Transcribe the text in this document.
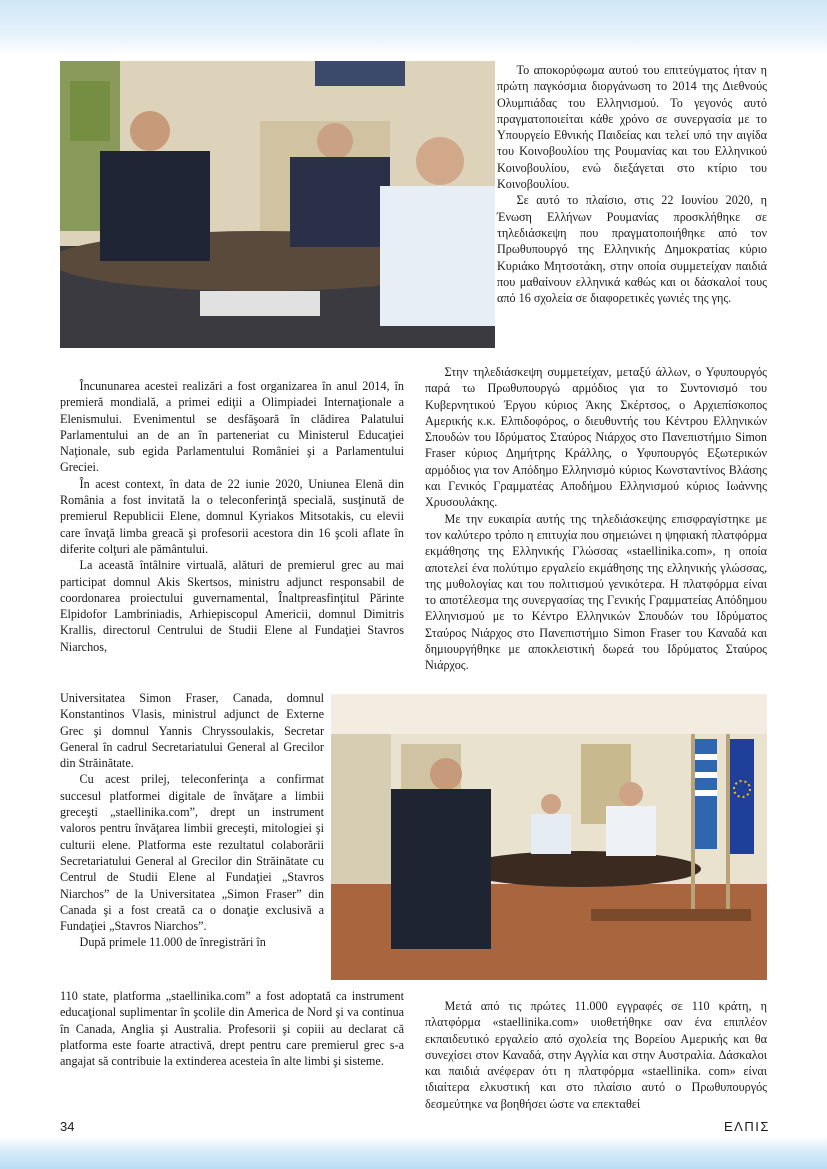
Το αποκορύφωμα αυτού του επιτεύγματος ήταν η πρώτη παγκόσμια διοργάνωση το 2014 της Διεθνούς Ολυμπιάδας του Ελληνισμού. Το γεγονός αυτό πραγματοποιείται κάθε χρόνο σε συνεργασία με το Υπουργείο Εθνικής Παιδείας και τελεί υπό την αιγίδα του Κοινοβουλίου της Ρουμανίας και του Ελληνικού Κοινοβουλίου, ενώ διεξάγεται στο κτίριο του Κοινοβουλίου.

Σε αυτό το πλαίσιο, στις 22 Ιουνίου 2020, η Ένωση Ελλήνων Ρουμανίας προσκλήθηκε σε τηλεδιάσκεψη που πραγματοποιήθηκε από τον Πρωθυπουργό της Ελληνικής Δημοκρατίας κύριο Κυριάκο Μητσοτάκη, στην οποία συμμετείχαν παιδιά που μαθαίνουν ελληνικά καθώς και οι δάσκαλοί τους από 16 σχολεία σε διαφορετικές γωνιές της γης.

Στην τηλεδιάσκεψη συμμετείχαν, μεταξύ άλλων, ο Υφυπουργός παρά τω Πρωθυπουργώ αρμόδιος για το Συντονισμό του Κυβερνητικού Έργου κύριος Άκης Σκέρτσος, ο Αρχιεπίσκοπος Αμερικής κ.κ. Ελπιδοφόρος, ο διευθυντής του Κέντρου Ελληνικών Σπουδών του Ιδρύματος Σταύρος Νιάρχος στο Πανεπιστήμιο Simon Fraser κύριος Δημήτρης Κράλλης, ο Υφυπουργός Εξωτερικών αρμόδιος για τον Απόδημο Ελληνισμό κύριος Κωνσταντίνος Βλάσης και Γενικός Γραμματέας Αποδήμου Ελληνισμού κύριος Ιωάννης Χρυσουλάκης.

Με την ευκαιρία αυτής της τηλεδιάσκεψης επισφραγίστηκε με τον καλύτερο τρόπο η επιτυχία που σημειώνει η ψηφιακή πλατφόρμα εκμάθησης της Ελληνικής Γλώσσας «staellinika.com», η οποία αποτελεί ένα πολύτιμο εργαλείο εκμάθησης της ελληνικής γλώσσας, της μυθολογίας και του πολιτισμού γενικότερα. Η πλατφόρμα είναι το αποτέλεσμα της συνεργασίας της Γενικής Γραμματείας Απόδημου Ελληνισμού με το Κέντρο Ελληνικών Σπουδών του Ιδρύματος Σταύρος Νιάρχος στο Πανεπιστήμιο Simon Fraser του Καναδά και δημιουργήθηκε με αποκλειστική δωρεά του Ιδρύματος Σταύρος Νιάρχος.

Încununarea acestei realizări a fost organizarea în anul 2014, în premieră mondială, a primei ediţii a Olimpiadei Internaţionale a Elenismului. Evenimentul se desfăşoară în clădirea Palatului Parlamentului an de an în parteneriat cu Ministerul Educaţiei Naţionale, sub egida Parlamentului României şi a Parlamentului Greciei.

În acest context, în data de 22 iunie 2020, Uniunea Elenă din România a fost invitată la o teleconferinţă specială, susţinută de premierul Republicii Elene, domnul Kyriakos Mitsotakis, cu elevii care învaţă limba greacă şi profesorii acestora din 16 şcoli aflate în diferite colţuri ale pământului.

La această întâlnire virtuală, alături de premierul grec au mai participat domnul Akis Skertsos, ministru adjunct responsabil de coordonarea proiectului guvernamental, Înaltpreasfinţitul Părinte Elpidofor Lambriniadis, Arhiepiscopul Americii, domnul Dimitris Krallis, directorul Centrului de Studii Elene al Fundaţiei Stavros Niarchos,

Universitatea Simon Fraser, Canada, domnul Konstantinos Vlasis, ministrul adjunct de Externe Grec şi domnul Yannis Chryssoulakis, Secretar General în cadrul Secretariatului General al Grecilor din Străinătate.

Cu acest prilej, teleconferinţa a confirmat succesul platformei digitale de învăţare a limbii greceşti „staellinika.com”, drept un instrument valoros pentru învăţarea limbii greceşti, mitologiei şi culturii elene. Platforma este rezultatul colaborării Secretariatului General al Grecilor din Străinătate cu Centrul de Studii Elene al Fundaţiei „Stavros Niarchos” de la Universitatea „Simon Fraser” din Canada şi a fost creată ca o donaţie exclusivă a Fundaţiei „Stavros Niarchos”.

După primele 11.000 de înregistrări în

Μετά από τις πρώτες 11.000 εγγραφές σε 110 κράτη, η πλατφόρμα «staellinika.com» υιοθετήθηκε σαν ένα επιπλέον εκπαιδευτικό εργαλείο από σχολεία της Βορείου Αμερικής και θα συνεχίσει στον Καναδά, στην Αγγλία και στην Αυστραλία. Δάσκαλοι και παιδιά ανέφεραν ότι η πλατφόρμα «staellinika. com» είναι ιδιαίτερα ελκυστική και στο πλαίσιο αυτό ο Πρωθυπουργός δεσμεύτηκε να βοηθήσει ώστε να επεκταθεί

110 state, platforma „staellinika.com” a fost adoptată ca instrument educaţional suplimentar în şcolile din America de Nord şi va continua în Canada, Anglia şi Australia. Profesorii şi copiii au declarat că platforma este foarte atractivă, drept pentru care premierul grec s-a angajat să contribuie la extinderea acesteia în alte limbi şi sisteme.

34	ΕΛΠΙΣ
